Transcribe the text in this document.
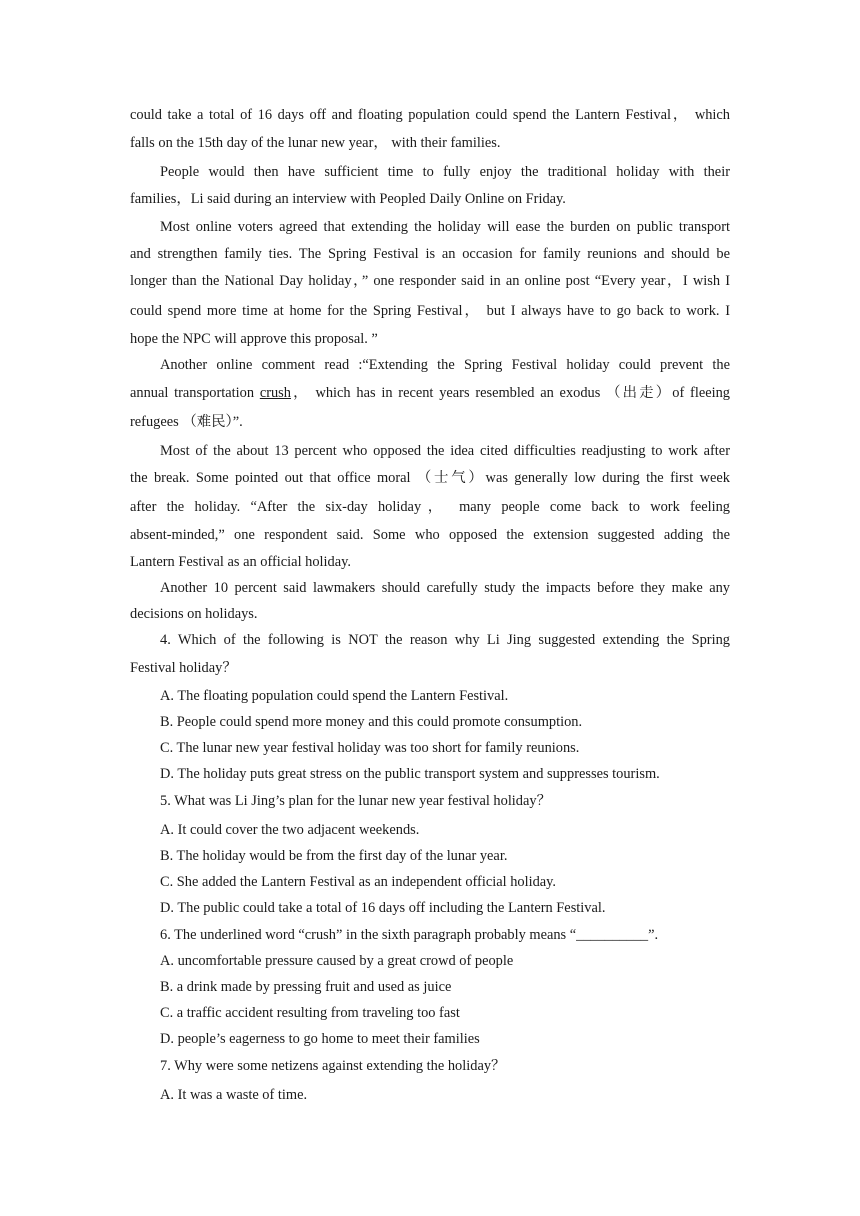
could take a total of 16 days off and floating population could spend the Lantern Festival， which
falls on the 15th day of the lunar new year， with their families.
People would then have sufficient time to fully enjoy the traditional holiday with their
families，Li said during an interview with Peopled Daily Online on Friday.
Most online voters agreed that extending the holiday will ease the burden on public transport
and strengthen family ties. The Spring Festival is an occasion for family reunions and should be
longer than the National Day holiday，” one responder said in an online post “Every year，I wish I
could spend more time at home for the Spring Festival， but I always have to go back to work. I
hope the NPC will approve this proposal. ”
Another online comment read :“Extending the Spring Festival holiday could prevent the
annual transportation crush， which has in recent years resembled an exodus （出走）of fleeing
refugees （难民）”.
Most of the about 13 percent who opposed the idea cited difficulties readjusting to work after
the break. Some pointed out that office moral （士气）was generally low during the first week
after the holiday. “After the six-day holiday， many people come back to work feeling
absent-minded,” one respondent said. Some who opposed the extension suggested adding the
Lantern Festival as an official holiday.
Another 10 percent said lawmakers should carefully study the impacts before they make any
decisions on holidays.
4. Which of the following is NOT the reason why Li Jing suggested extending the Spring
Festival holiday？
A. The floating population could spend the Lantern Festival.
B. People could spend more money and this could promote consumption.
C. The lunar new year festival holiday was too short for family reunions.
D. The holiday puts great stress on the public transport system and suppresses tourism.
5. What was Li Jing’s plan for the lunar new year festival holiday？
A. It could cover the two adjacent weekends.
B. The holiday would be from the first day of the lunar year.
C. She added the Lantern Festival as an independent official holiday.
D. The public could take a total of 16 days off including the Lantern Festival.
6. The underlined word “crush” in the sixth paragraph probably means “__________”.
A. uncomfortable pressure caused by a great crowd of people
B. a drink made by pressing fruit and used as juice
C. a traffic accident resulting from traveling too fast
D. people’s eagerness to go home to meet their families
7. Why were some netizens against extending the holiday？
A. It was a waste of time.
